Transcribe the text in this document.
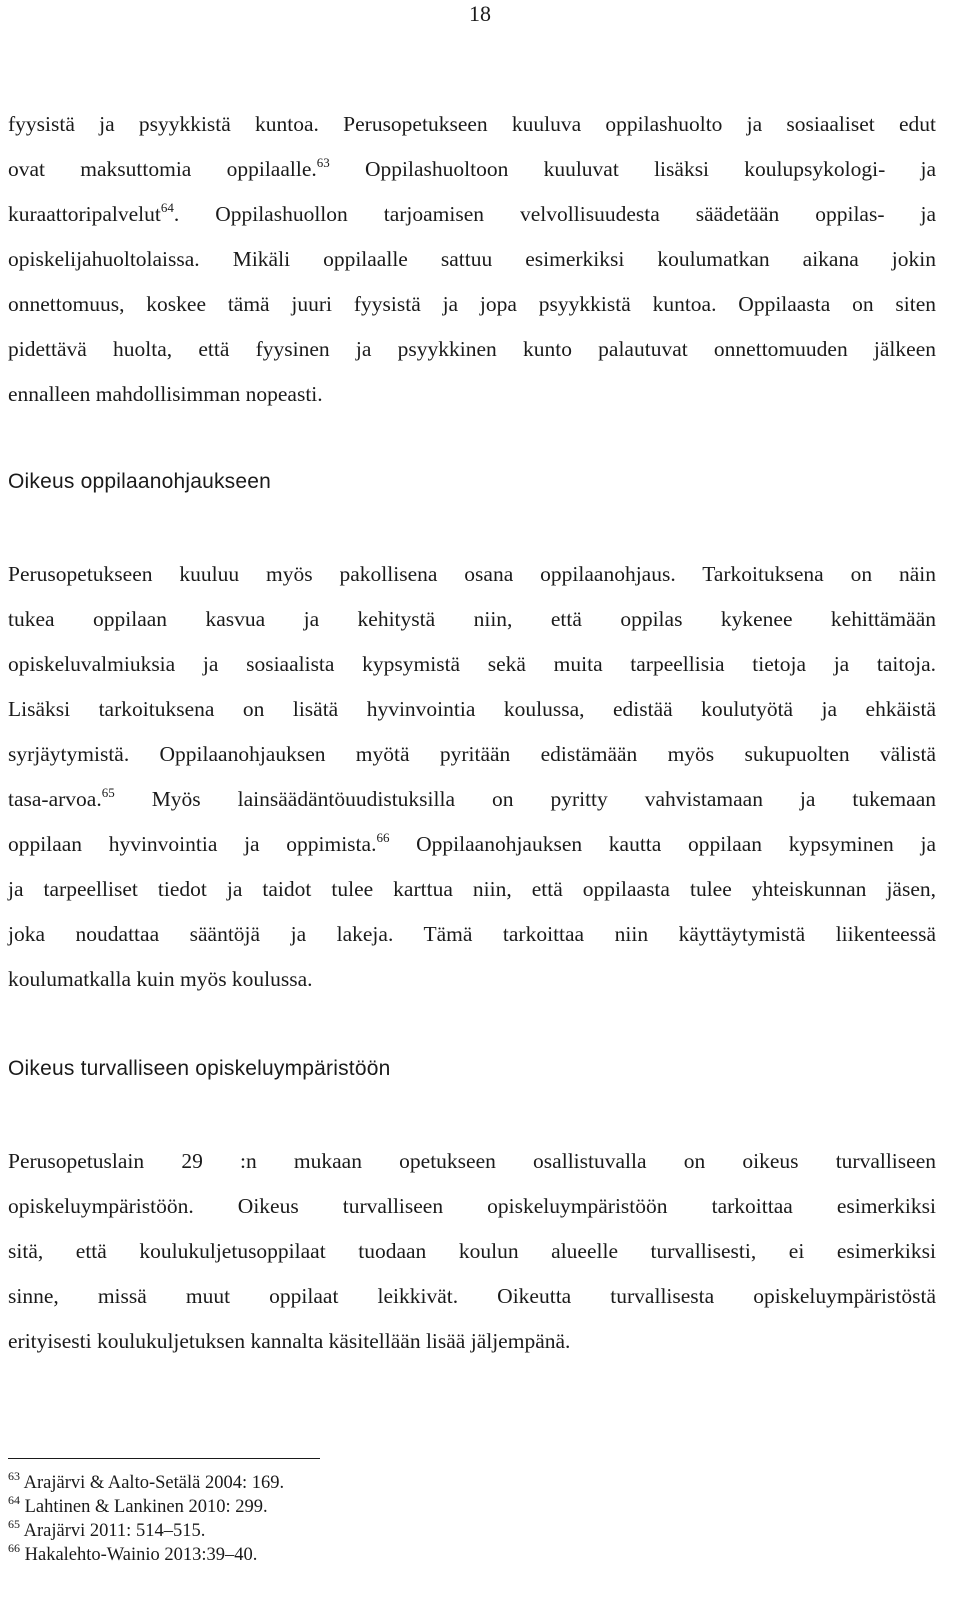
18
fyysistä ja psyykkistä kuntoa. Perusopetukseen kuuluva oppilashuolto ja sosiaaliset edut
ovat maksuttomia oppilaalle.$^{63}$ Oppilashuoltoon kuuluvat lisäksi koulupsykologi- ja
kuraattoripalvelut$^{64}$. Oppilashuollon tarjoamisen velvollisuudesta säädetään oppilas- ja
opiskelijahuoltolaissa. Mikäli oppilaalle sattuu esimerkiksi koulumatkan aikana jokin
onnettomuus, koskee tämä juuri fyysistä ja jopa psyykkistä kuntoa. Oppilaasta on siten
pidettävä huolta, että fyysinen ja psyykkinen kunto palautuvat onnettomuuden jälkeen
ennalleen mahdollisimman nopeasti.
Oikeus oppilaanohjaukseen
Perusopetukseen kuuluu myös pakollisena osana oppilaanohjaus. Tarkoituksena on näin
tukea oppilaan kasvua ja kehitystä niin, että oppilas kykenee kehittämään
opiskeluvalmiuksia ja sosiaalista kypsymistä sekä muita tarpeellisia tietoja ja taitoja.
Lisäksi tarkoituksena on lisätä hyvinvointia koulussa, edistää koulutyötä ja ehkäistä
syrjäytymistä. Oppilaanohjauksen myötä pyritään edistämään myös sukupuolten välistä
tasa-arvoa.$^{65}$ Myös lainsäädäntöuudistuksilla on pyritty vahvistamaan ja tukemaan
oppilaan hyvinvointia ja oppimista.$^{66}$ Oppilaanohjauksen kautta oppilaan kypsyminen ja
ja tarpeelliset tiedot ja taidot tulee karttua niin, että oppilaasta tulee yhteiskunnan jäsen,
joka noudattaa sääntöjä ja lakeja. Tämä tarkoittaa niin käyttäytymistä liikenteessä
koulumatkalla kuin myös koulussa.
Oikeus turvalliseen opiskeluympäristöön
Perusopetuslain 29 :n mukaan opetukseen osallistuvalla on oikeus turvalliseen
opiskeluympäristöön. Oikeus turvalliseen opiskeluympäristöön tarkoittaa esimerkiksi
sitä, että koulukuljetusoppilaat tuodaan koulun alueelle turvallisesti, ei esimerkiksi
sinne, missä muut oppilaat leikkivät. Oikeutta turvallisesta opiskeluympäristöstä
erityisesti koulukuljetuksen kannalta käsitellään lisää jäljempänä.
$^{63}$ Arajärvi & Aalto-Setälä 2004: 169.
$^{64}$ Lahtinen & Lankinen 2010: 299.
$^{65}$ Arajärvi 2011: 514–515.
$^{66}$ Hakalehto-Wainio 2013:39–40.
